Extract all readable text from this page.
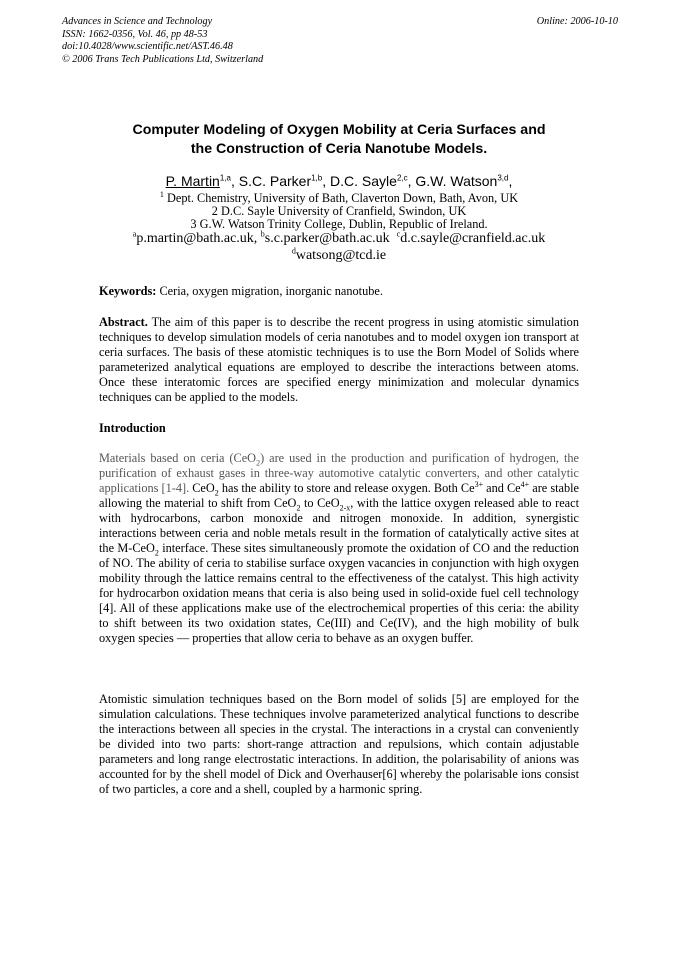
Advances in Science and Technology
ISSN: 1662-0356, Vol. 46, pp 48-53
doi:10.4028/www.scientific.net/AST.46.48
© 2006 Trans Tech Publications Ltd, Switzerland
Online: 2006-10-10
Computer Modeling of Oxygen Mobility at Ceria Surfaces and
the Construction of Ceria Nanotube Models.
P. Martin$^{1,a}$, S.C. Parker$^{1,b}$, D.C. Sayle$^{2,c}$, G.W. Watson$^{3,d}$,
$^1$ Dept. Chemistry, University of Bath, Claverton Down, Bath, Avon, UK
2 D.C. Sayle University of Cranfield, Swindon, UK
3 G.W. Watson Trinity College, Dublin, Republic of Ireland.
$^a$p.martin@bath.ac.uk, $^b$s.c.parker@bath.ac.uk $^c$d.c.sayle@cranfield.ac.uk
$^d$watsong@tcd.ie
Keywords: Ceria, oxygen migration, inorganic nanotube.
Abstract. The aim of this paper is to describe the recent progress in using atomistic simulation techniques to develop simulation models of ceria nanotubes and to model oxygen ion transport at ceria surfaces. The basis of these atomistic techniques is to use the Born Model of Solids where parameterized analytical equations are employed to describe the interactions between atoms. Once these interatomic forces are specified energy minimization and molecular dynamics techniques can be applied to the models.
Introduction
Materials based on ceria (CeO$_2$) are used in the production and purification of hydrogen, the purification of exhaust gases in three-way automotive catalytic converters, and other catalytic applications [1-4]. CeO$_2$ has the ability to store and release oxygen. Both $Ce^{3+}$ and $Ce^{4+}$ are stable allowing the material to shift from CeO$_2$ to CeO$_{2-x}$, with the lattice oxygen released able to react with hydrocarbons, carbon monoxide and nitrogen monoxide. In addition, synergistic interactions between ceria and noble metals result in the formation of catalytically active sites at the M-CeO$_2$ interface. These sites simultaneously promote the oxidation of CO and the reduction of NO. The ability of ceria to stabilise surface oxygen vacancies in conjunction with high oxygen mobility through the lattice remains central to the effectiveness of the catalyst. This high activity for hydrocarbon oxidation means that ceria is also being used in solid-oxide fuel cell technology [4]. All of these applications make use of the electrochemical properties of this ceria: the ability to shift between its two oxidation states, Ce(III) and Ce(IV), and the high mobility of bulk oxygen species — properties that allow ceria to behave as an oxygen buffer.
Atomistic simulation techniques based on the Born model of solids [5] are employed for the simulation calculations. These techniques involve parameterized analytical functions to describe the interactions between all species in the crystal. The interactions in a crystal can conveniently be divided into two parts: short-range attraction and repulsions, which contain adjustable parameters and long range electrostatic interactions. In addition, the polarisability of anions was accounted for by the shell model of Dick and Overhauser[6] whereby the polarisable ions consist of two particles, a core and a shell, coupled by a harmonic spring.
